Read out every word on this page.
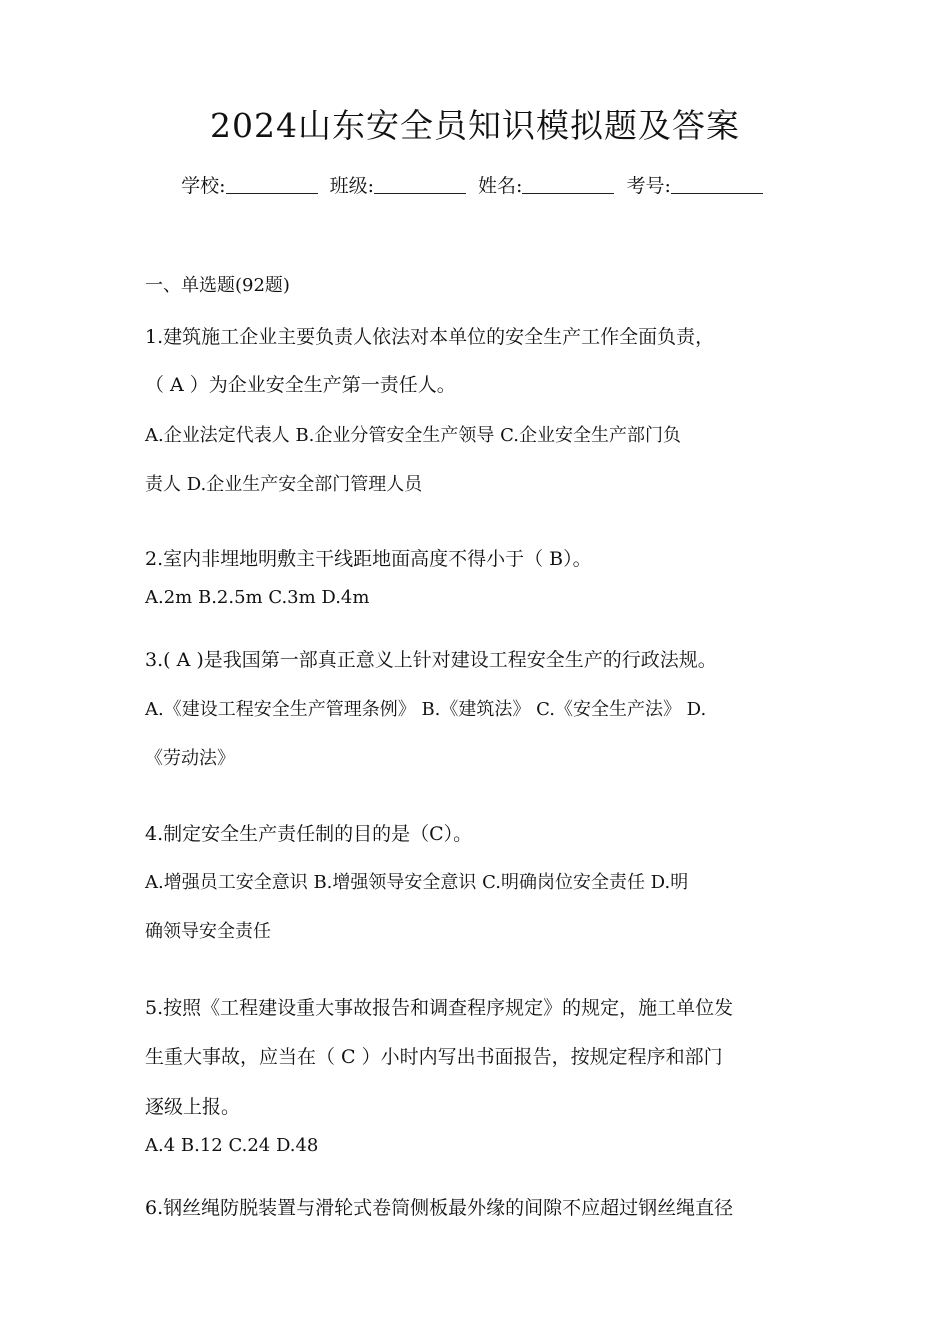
2024山东安全员知识模拟题及答案
学校:	班级:	姓名:	考号:
一、单选题(92题)
1.建筑施工企业主要负责人依法对本单位的安全生产工作全面负责，
（ A ）为企业安全生产第一责任人。
A.企业法定代表人 B.企业分管安全生产领导 C.企业安全生产部门负
责人 D.企业生产安全部门管理人员
2.室内非埋地明敷主干线距地面高度不得小于（ B）。
A.2m B.2.5m C.3m D.4m
3.( A )是我国第一部真正意义上针对建设工程安全生产的行政法规。
A.《建设工程安全生产管理条例》 B.《建筑法》 C.《安全生产法》 D.
《劳动法》
4.制定安全生产责任制的目的是（C）。
A.增强员工安全意识 B.增强领导安全意识 C.明确岗位安全责任 D.明
确领导安全责任
5.按照《工程建设重大事故报告和调查程序规定》的规定，施工单位发
生重大事故，应当在（ C ）小时内写出书面报告，按规定程序和部门
逐级上报。
A.4 B.12 C.24 D.48
6.钢丝绳防脱装置与滑轮式卷筒侧板最外缘的间隙不应超过钢丝绳直径
